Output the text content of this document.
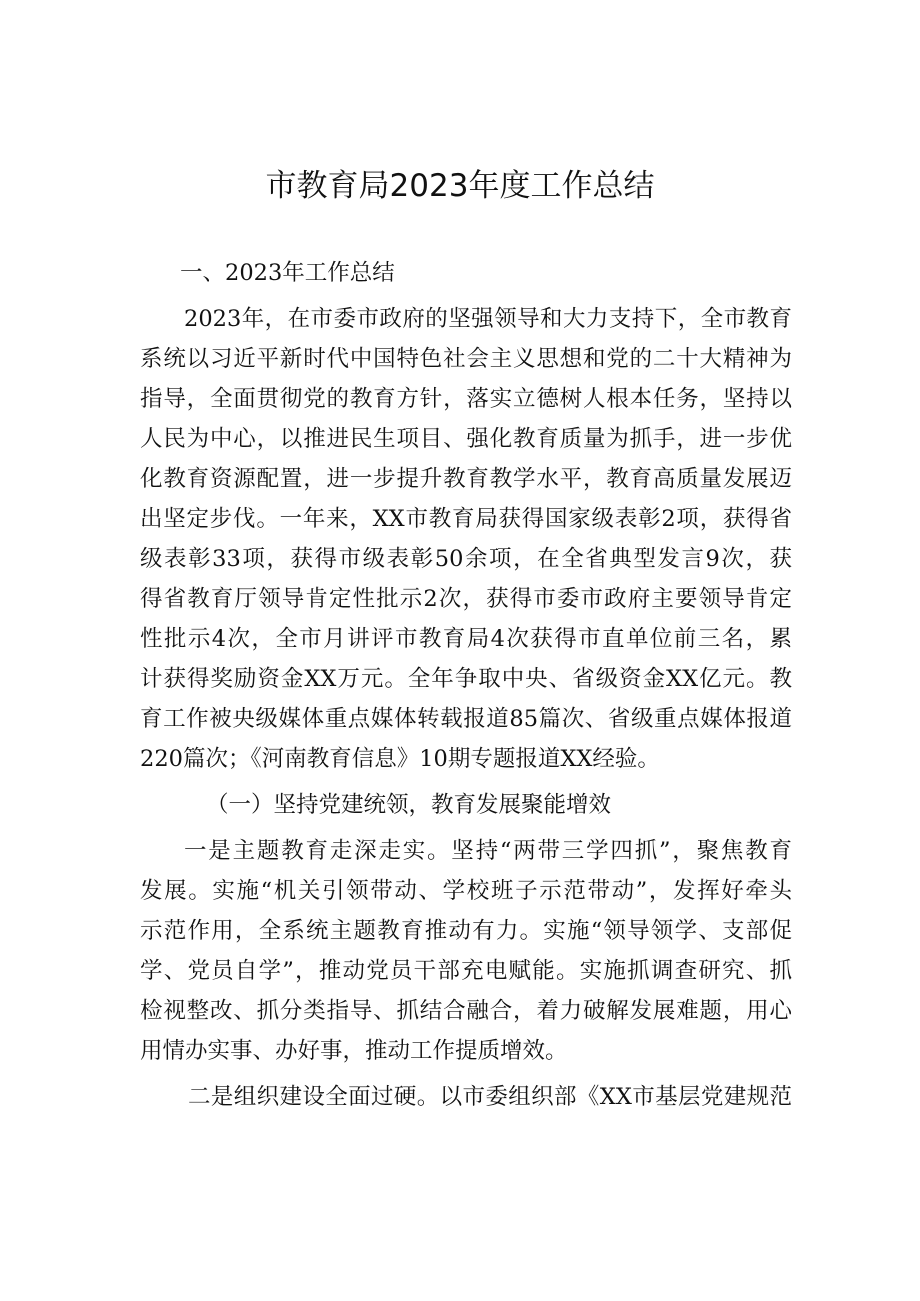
市教育局2023年度工作总结
一、2023年工作总结
2023年，在市委市政府的坚强领导和大力支持下，全市教育
系统以习近平新时代中国特色社会主义思想和党的二十大精神为
指导，全面贯彻党的教育方针，落实立德树人根本任务，坚持以
人民为中心，以推进民生项目、强化教育质量为抓手，进一步优
化教育资源配置，进一步提升教育教学水平，教育高质量发展迈
出坚定步伐。一年来，XX市教育局获得国家级表彰2项，获得省
级表彰33项，获得市级表彰50余项，在全省典型发言9次，获
得省教育厅领导肯定性批示2次，获得市委市政府主要领导肯定
性批示4次，全市月讲评市教育局4次获得市直单位前三名，累
计获得奖励资金XX万元。全年争取中央、省级资金XX亿元。教
育工作被央级媒体重点媒体转载报道85篇次、省级重点媒体报道
220篇次；《河南教育信息》10期专题报道XX经验。
（一）坚持党建统领，教育发展聚能增效
一是主题教育走深走实。坚持“两带三学四抓”，聚焦教育
发展。实施“机关引领带动、学校班子示范带动”，发挥好牵头
示范作用，全系统主题教育推动有力。实施“领导领学、支部促
学、党员自学”，推动党员干部充电赋能。实施抓调查研究、抓
检视整改、抓分类指导、抓结合融合，着力破解发展难题，用心
用情办实事、办好事，推动工作提质增效。
二是组织建设全面过硬。以市委组织部《XX市基层党建规范
